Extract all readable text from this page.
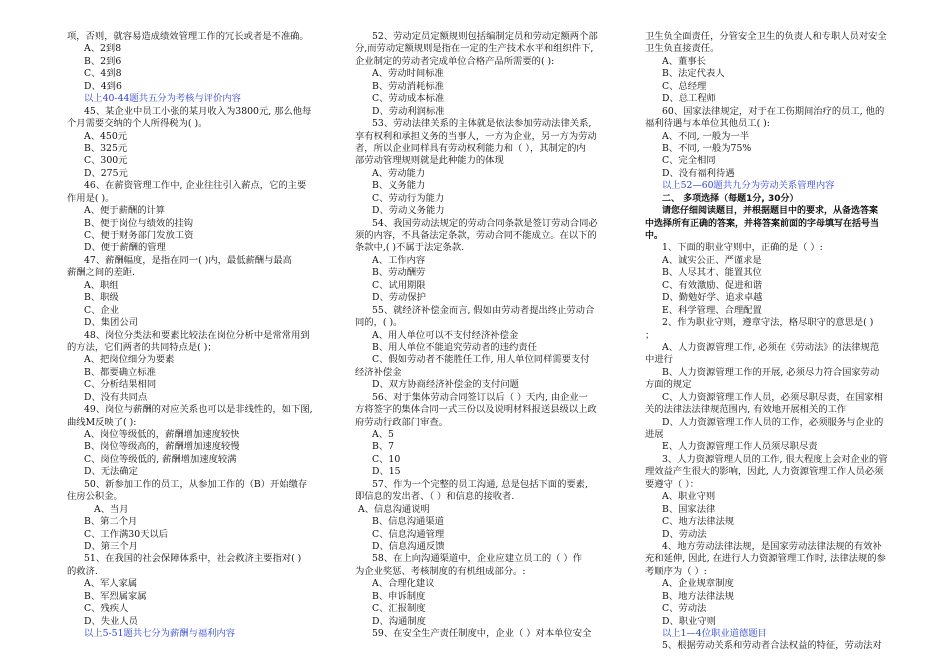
项，否则，就容易造成绩效管理工作的冗长或者是不准确。
A、2到8
B、2到6
C、4到8
D、4到6
以上40-44题共五分为考核与评价内容
45、某企业中员工小张的某月收入为3800元, 那么他每
个月需要交纳的个人所得税为( )。
A、450元
B、325元
C、300元
D、275元
46、在薪资管理工作中, 企业往往引入薪点，它的主要
作用是( )。
A、便于薪酬的计算
B、便于岗位与绩效的挂钩
C、便于财务部门发放工资
D、便于薪酬的管理
47、薪酬幅度，是指在同一( )内，最低薪酬与最高
薪酬之间的差距.
A、职组
B、职级
C、企业
D、集团公司
48、岗位分类法和要素比较法在岗位分析中是常常用到
的方法，它们两者的共同特点是( )；
A、把岗位细分为要素
B、都要确立标准
C、分析结果相同
D、没有共同点
49、岗位与薪酬的对应关系也可以是非线性的，如下图,
曲线M反映了( ):
A、岗位等级低的，薪酬增加速度较快
B、岗位等级高的，薪酬增加速度较慢
C、岗位等级低的, 薪酬增加速度较满
D、无法确定
50、新参加工作的员工，从参加工作的（B）开始缴存
住房公积金。
A、当月
B、第二个月
C、工作满30天以后
D、第三个月
51、在我国的社会保障体系中，社会救济主要指对( )
的救济.
A、军人家属
B、军烈属家属
C、残疾人
D、失业人员
以上5-51题共七分为薪酬与福利内容
52、劳动定员定额规则包括编制定员和劳动定额两个部
分,而劳动定额规则是指在一定的生产技术水平和组织件下,
企业制定的劳动者完成单位合格产品所需要的( ):
A、劳动时间标准
B、劳动消耗标准
C、劳动成本标准
D、劳动利润标准
53、劳动法律关系的主体就是依法参加劳动法律关系,
享有权利和承担义务的当事人，一方为企业，另一方为劳动
者，所以企业同样具有劳动权利能力和（ ），其制定的内
部劳动管理规则就是此种能力的体现
A、劳动能力
B、义务能力
C、劳动行为能力
D、劳动义务能力
54、我国劳动法规定的劳动合同条款是签订劳动合同必
须的内容，不具备法定条款，劳动合同不能成立。在以下的
条款中,( )不属于法定条款.
A、工作内容
B、劳动酬劳
C、试用期限
D、劳动保护
55、就经济补偿金而言, 假如由劳动者提出终止劳动合
同的，( )。
A、用人单位可以不支付经济补偿金
B、用人单位不能追究劳动者的违约责任
C、假如劳动者不能胜任工作, 用人单位同样需要支付
经济补偿金
D、双方协商经济补偿金的支付问题
56、对于集体劳动合同签订以后（ ）天内, 由企业一
方将签字的集体合同一式三份以及说明材料报送县级以上政
府劳动行政部门审查。
A、5
B、7
C、10
D、15
57、作为一个完整的员工沟通, 总是包括下面的要素,
即信息的发出者、（ ）和信息的接收者.
A、信息沟通说明
B、信息沟通渠道
C、信息沟通管理
D、信息沟通反馈
58、在上向沟通渠道中，企业应建立员工的（ ）作
为企业奖惩、考核制度的有机组成部分。:
A、合理化建议
B、申诉制度
C、汇报制度
D、沟通制度
59、在安全生产责任制度中，企业（ ）对本单位安全
卫生负全面责任，分管安全卫生的负责人和专职人员对安全
卫生负直接责任。
A、董事长
B、法定代表人
C、总经理
D、总工程师
60、国家法律规定，对于在工伤期间治疗的员工, 他的
福利待遇与本单位其他员工( ):
A、不同, 一般为一半
B、不同, 一般为75%
C、完全相同
D、没有福利待遇
以上52—60题共九分为劳动关系管理内容
二、 多项选择（每题1分, 30分）
请您仔细阅读题目，并根据题目中的要求，从备选答案
中选择所有正确的答案，并将答案前面的字母填写在括号当
中。
1、下面的职业守则中，正确的是（ ）:
A、诚实公正、严谨求是
B、人尽其才、能置其位
C、有效激励、促进和谐
D、勤勉好学、追求卓越
E、科学管理、合理配置
2、作为职业守则，遵章守法，格尽职守的意思是( )
；
A、人力资源管理工作, 必须在《劳动法》的法律规范
中进行
B、人力资源管理工作的开展, 必须尽力符合国家劳动
方面的规定
C、人力资源管理工作人员，必须尽职尽责，在国家相
关的法律法法律规范围内, 有效地开展相关的工作
D、人力资源管理工作人员的工作，必须服务与企业的
进展
E、人力资源管理工作人员须尽职尽责
3、人力资源管理人员的工作, 很大程度上会对企业的管
理效益产生很大的影响，因此, 人力资源管理工作人员必须
要遵守（ ）：
A、职业守则
B、国家法律
C、地方法律法规
D、劳动法
4、地方劳动法律法规，是国家劳动法律法规的有效补
充和延伸, 因此, 在进行人力资源管理工作时, 法律法规的参
考顺序为（ ）:
A、企业规章制度
B、地方法律法规
C、劳动法
D、职业守则
以上1—4位职业道德题目
5、根据劳动关系和劳动者合法权益的特征，劳动法对
